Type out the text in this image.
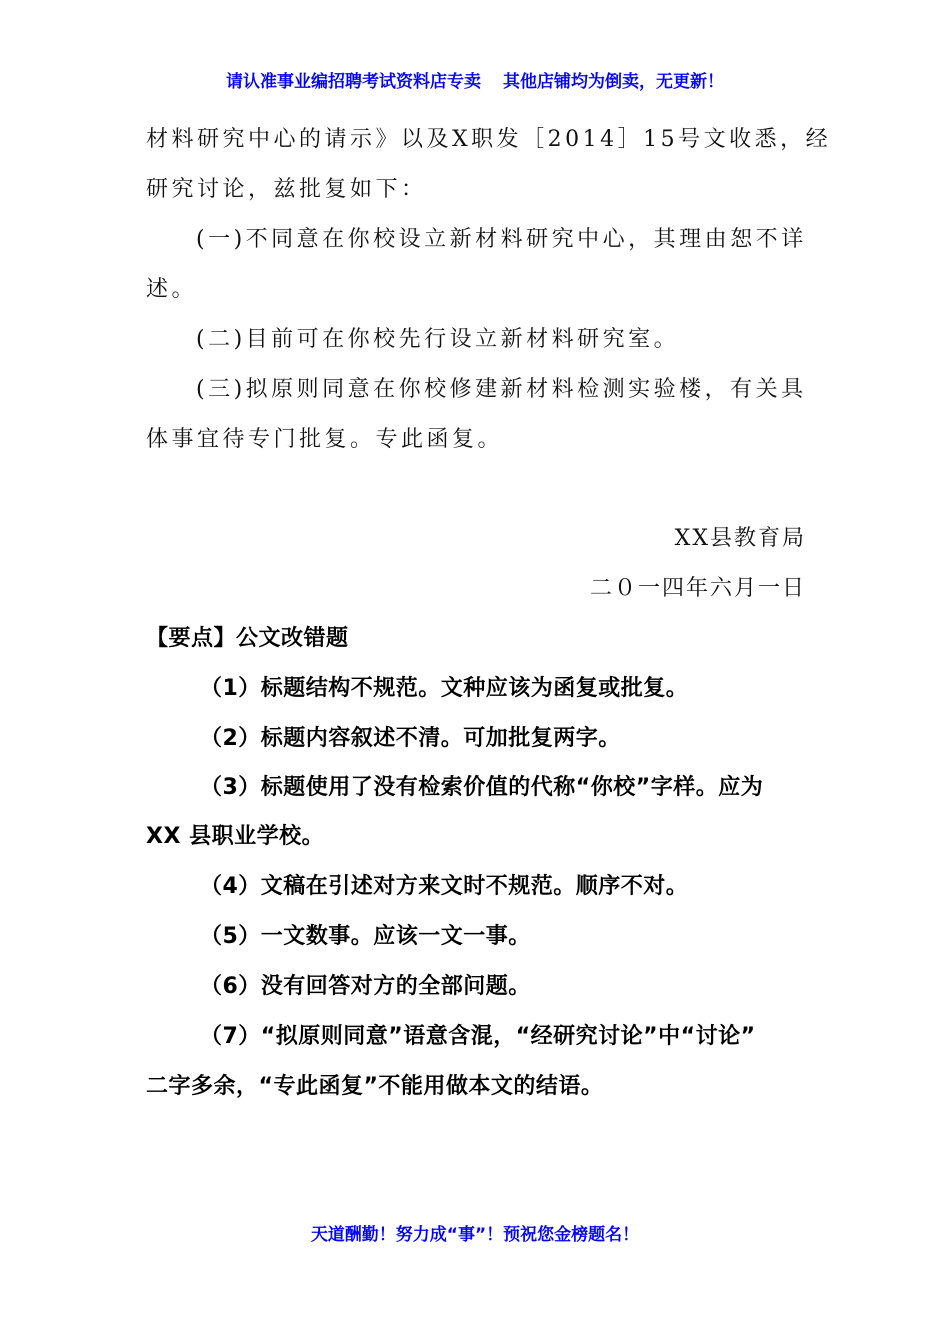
请认准事业编招聘考试资料店专卖 其他店铺均为倒卖，无更新！
材料研究中心的请示》以及X职发［2014］15号文收悉，经
研究讨论，兹批复如下：
(一)不同意在你校设立新材料研究中心，其理由恕不详
述。
(二)目前可在你校先行设立新材料研究室。
(三)拟原则同意在你校修建新材料检测实验楼，有关具
体事宜待专门批复。专此函复。
XX县教育局
二０一四年六月一日
【要点】公文改错题
（1）标题结构不规范。文种应该为函复或批复。
（2）标题内容叙述不清。可加批复两字。
（3）标题使用了没有检索价值的代称“你校”字样。应为
XX 县职业学校。
（4）文稿在引述对方来文时不规范。顺序不对。
（5）一文数事。应该一文一事。
（6）没有回答对方的全部问题。
（7）“拟原则同意”语意含混，“经研究讨论”中“讨论”
二字多余，“专此函复”不能用做本文的结语。
天道酬勤！努力成“事”！预祝您金榜题名！
